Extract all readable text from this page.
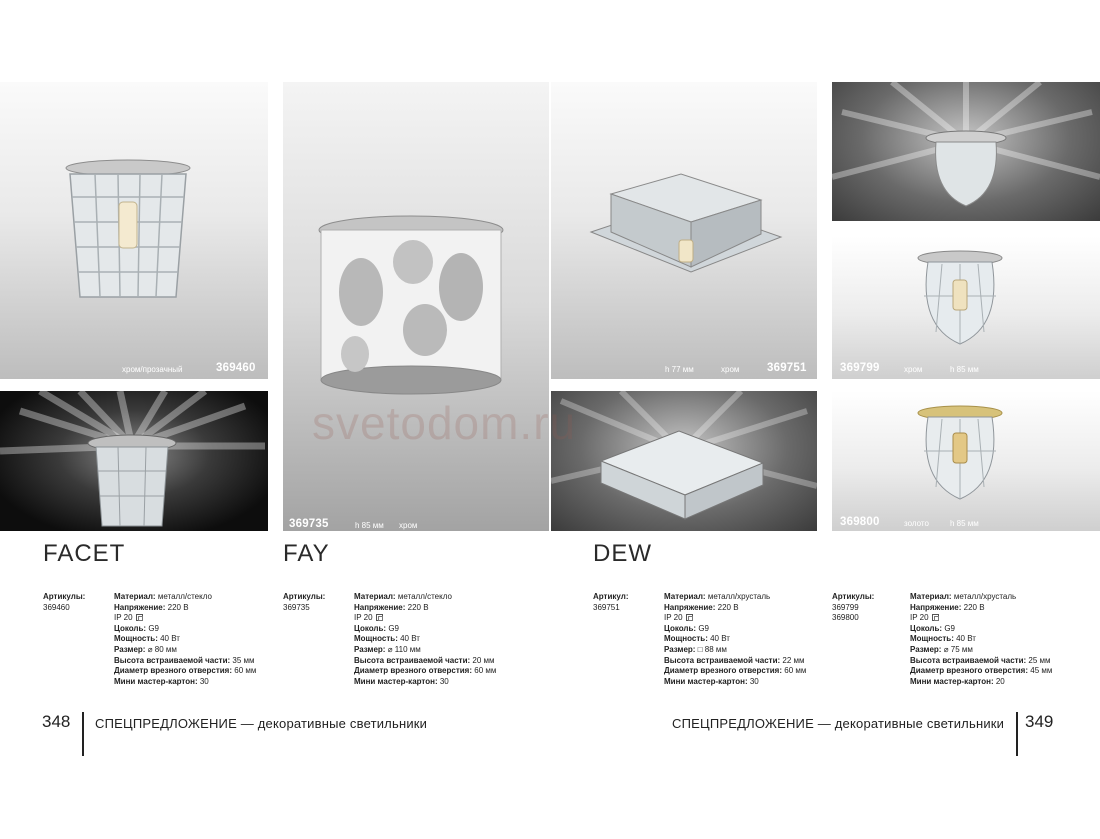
хром/прозачный	369460
369735	h 85 мм хром
h 77 мм	хром 369751	369799	хром	h 85 мм
369800	золото	h 85 мм
svetodom.ru
FACET	FAY	DEW
Артикулы:
369460
Материал: металл/стекло
Напряжение: 220 В
IP 20
Цоколь: G9
Мощность: 40 Вт
Размер: ⌀ 80 мм
Высота встраиваемой части: 35 мм
Диаметр врезного отверстия: 60 мм
Мини мастер-картон: 30
Артикулы:
369735
Материал: металл/стекло
Напряжение: 220 В
IP 20
Цоколь: G9
Мощность: 40 Вт
Размер: ⌀ 110 мм
Высота встраиваемой части: 20 мм
Диаметр врезного отверстия: 60 мм
Мини мастер-картон: 30
Артикул:
369751
Материал: металл/хрусталь
Напряжение: 220 В
IP 20
Цоколь: G9
Мощность: 40 Вт
Размер: □ 88 мм
Высота встраиваемой части: 22 мм
Диаметр врезного отверстия: 60 мм
Мини мастер-картон: 30
Артикулы:
369799
369800
Материал: металл/хрусталь
Напряжение: 220 В
IP 20
Цоколь: G9
Мощность: 40 Вт
Размер: ⌀ 75 мм
Высота встраиваемой части: 25 мм
Диаметр врезного отверстия: 45 мм
Мини мастер-картон: 20
348 СПЕЦПРЕДЛОЖЕНИЕ — декоративные светильники	СПЕЦПРЕДЛОЖЕНИЕ — декоративные светильники 349
